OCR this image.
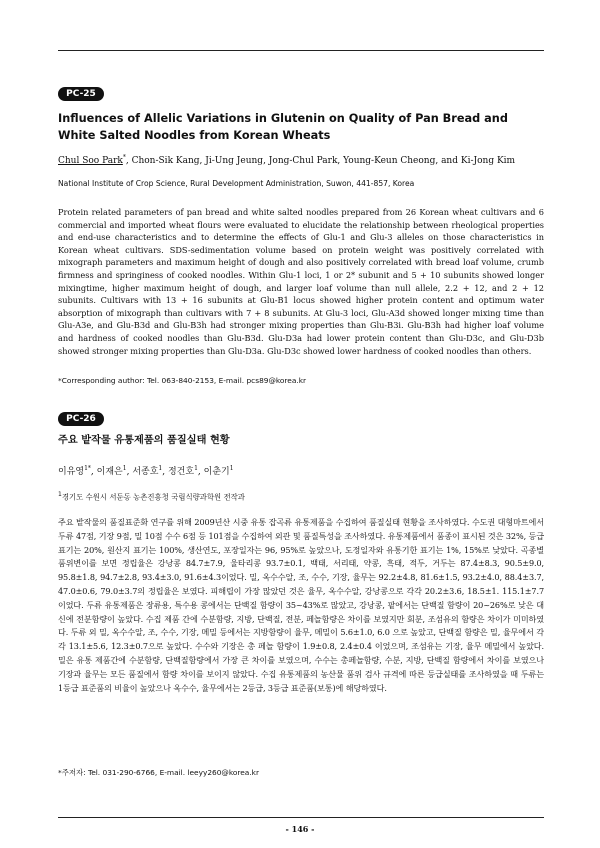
PC-25
Influences of Allelic Variations in Glutenin on Quality of Pan Bread and White Salted Noodles from Korean Wheats
Chul Soo Park*, Chon-Sik Kang, Ji-Ung Jeung, Jong-Chul Park, Young-Keun Cheong, and Ki-Jong Kim
National Institute of Crop Science, Rural Development Administration, Suwon, 441-857, Korea

Protein related parameters of pan bread and white salted noodles prepared from 26 Korean wheat cultivars and 6 commercial and imported wheat flours were evaluated to elucidate the relationship between rheological properties and end-use characteristics and to determine the effects of Glu-1 and Glu-3 alleles on those characteristics in Korean wheat cultivars. SDS-sedimentation volume based on protein weight was positively correlated with mixograph parameters and maximum height of dough and also positively correlated with bread loaf volume, crumb firmness and springiness of cooked noodles. Within Glu-1 loci, 1 or 2* subunit and 5 + 10 subunits showed longer mixingtime, higher maximum height of dough, and larger loaf volume than null allele, 2.2 + 12, and 2 + 12 subunits. Cultivars with 13 + 16 subunits at Glu-B1 locus showed higher protein content and optimum water absorption of mixograph than cultivars with 7 + 8 subunits. At Glu-3 loci, Glu-A3d showed longer mixing time than Glu-A3e, and Glu-B3d and Glu-B3h had stronger mixing properties than Glu-B3i. Glu-B3h had higher loaf volume and hardness of cooked noodles than Glu-B3d. Glu-D3a had lower protein content than Glu-D3c, and Glu-D3b showed stronger mixing properties than Glu-D3a. Glu-D3c showed lower hardness of cooked noodles than others.

*Corresponding author: Tel. 063-840-2153, E-mail. pcs89@korea.kr
PC-26
주요 밭작물 유통제품의 품질실태 현황
이유영$^{1*}$, 이재은$^1$, 서종호$^1$, 정건호$^1$, 이춘기$^1$
$^1$경기도 수원시 서둔동 농촌진흥청 국립식량과학원 전작과

주요 밭작물의 품질표준화 연구를 위해 2009년산 시중 유통 잡곡류 유통제품을 수집하여 품질실태 현황을 조사하였다. 수도권 대형마트에서 두류 47점, 기장 9점, 밀 10점 수수 6점 등 101점을 수집하여 외관 및 품질특성을 조사하였다. 유통제품에서 품종이 표시된 것은 32%, 등급표기는 20%, 원산지 표기는 100%, 생산연도, 포장일자는 96, 95%로 높았으나, 도정일자와 유통기한 표기는 1%, 15%로 낮았다. 곡종별 품위변이를 보면 정립율은 강낭콩 84.7±7.9, 울타리콩 93.7±0.1, 백태, 서리태, 약콩, 흑태, 적두, 거두는 87.4±8.3, 90.5±9.0, 95.8±1.8, 94.7±2.8, 93.4±3.0, 91.6±4.3이었다. 밀, 옥수수알, 조, 수수, 기장, 율무는 92.2±4.8, 81.6±1.5, 93.2±4.0, 88.4±3.7, 47.0±0.6, 79.0±3.7의 정립율은 보였다. 피해립이 가장 많았던 것은 율무, 옥수수알, 강낭콩으로 각각 20.2±3.6, 18.5±1. 115.1±7.7 이었다. 두류 유통제품은 장류용, 특수용 콩에서는 단백질 함량이 35~43%로 많았고, 강낭콩, 팥에서는 단백질 함량이 20~26%로 낮은 대신에 전분함량이 높았다. 수집 제품 간에 수분함량, 지방, 단백질, 전분, 페놀함량은 차이를 보였지만 회분, 조섬유의 함량은 차이가 미미하였다. 두류 외 밀, 옥수수알, 조, 수수, 기장, 메밀 등에서는 지방함량이 율무, 메밀이 5.6±1.0, 6.0 으로 높았고, 단백질 함량은 밀, 율무에서 각각 13.1±5.6, 12.3±0.7으로 높았다. 수수와 기장은 총 페놀 함량이 1.9±0.8, 2.4±0.4 이었으며, 조섬유는 기장, 율무 메밀에서 높았다. 밀은 유통 제품간에 수분함량, 단백질함량에서 가장 큰 차이를 보였으며, 수수는 총페놀함량, 수분, 지방, 단백질 함량에서 차이를 보였으나 기장과 율무는 모든 품질에서 함량 차이를 보이지 않았다. 수집 유통제품의 농산물 품위 검사 규격에 따른 등급실태를 조사하였을 때 두류는 1등급 표준품의 비율이 높았으나 옥수수, 율무에서는 2등급, 3등급 표준품(보통)에 해당하였다.

*주저자: Tel. 031-290-6766, E-mail. leeyy260@korea.kr
- 146 -
